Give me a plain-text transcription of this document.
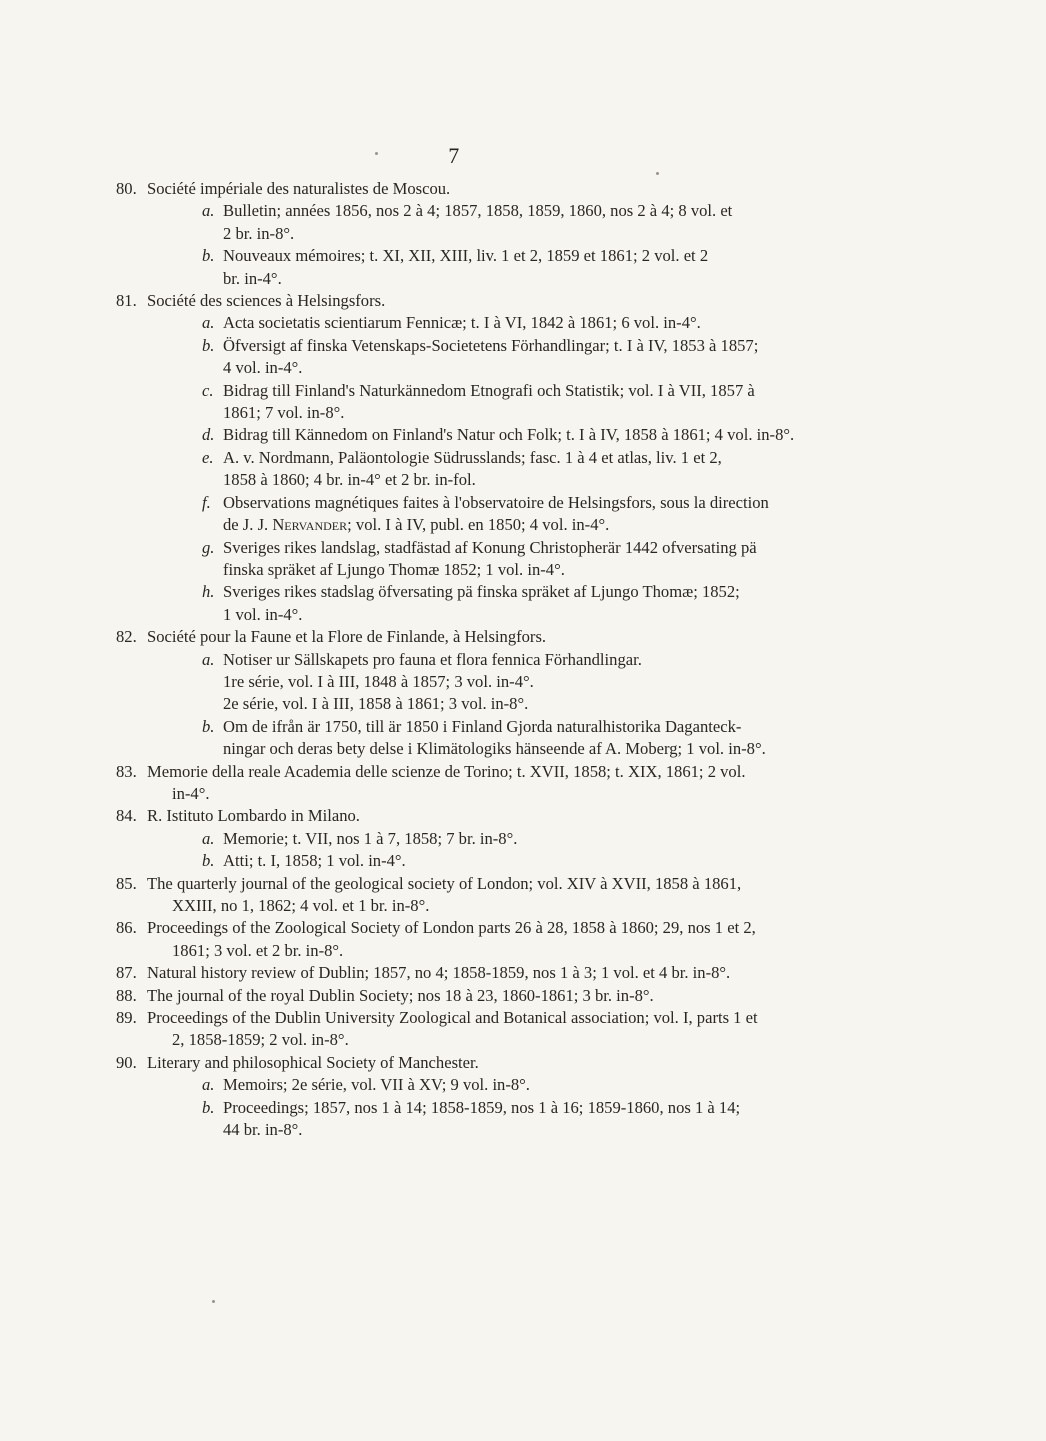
7
80. Société impériale des naturalistes de Moscou.
a. Bulletin; années 1856, nos 2 à 4; 1857, 1858, 1859, 1860, nos 2 à 4; 8 vol. et
2 br. in-8°.
b. Nouveaux mémoires; t. XI, XII, XIII, liv. 1 et 2, 1859 et 1861; 2 vol. et 2
br. in-4°.
81. Société des sciences à Helsingsfors.
a. Acta societatis scientiarum Fennicæ; t. I à VI, 1842 à 1861; 6 vol. in-4°.
b. Öfversigt af finska Vetenskaps-Societetens Förhandlingar; t. I à IV, 1853 à 1857;
4 vol. in-4°.
c. Bidrag till Finland's Naturkännedom Etnografi och Statistik; vol. I à VII, 1857 à
1861; 7 vol. in-8°.
d. Bidrag till Kännedom on Finland's Natur och Folk; t. I à IV, 1858 à 1861; 4 vol. in-8°.
e. A. v. Nordmann, Paläontologie Südrusslands; fasc. 1 à 4 et atlas, liv. 1 et 2,
1858 à 1860; 4 br. in-4° et 2 br. in-fol.
f. Observations magnétiques faites à l'observatoire de Helsingsfors, sous la direction
de J. J. Nervander; vol. I à IV, publ. en 1850; 4 vol. in-4°.
g. Sveriges rikes landslag, stadfästad af Konung Christopherär 1442 ofversating pä
finska spräket af Ljungo Thomæ 1852; 1 vol. in-4°.
h. Sveriges rikes stadslag öfversating pä finska spräket af Ljungo Thomæ; 1852;
1 vol. in-4°.
82. Société pour la Faune et la Flore de Finlande, à Helsingfors.
a. Notiser ur Sällskapets pro fauna et flora fennica Förhandlingar.
1re série, vol. I à III, 1848 à 1857; 3 vol. in-4°.
2e série, vol. I à III, 1858 à 1861; 3 vol. in-8°.
b. Om de ifrån är 1750, till är 1850 i Finland Gjorda naturalhistorika Daganteck-
ningar och deras bety delse i Klimätologiks hänseende af A. Moberg; 1 vol. in-8°.
83. Memorie della reale Academia delle scienze de Torino; t. XVII, 1858; t. XIX, 1861; 2 vol.
in-4°.
84. R. Istituto Lombardo in Milano.
a. Memorie; t. VII, nos 1 à 7, 1858; 7 br. in-8°.
b. Atti; t. I, 1858; 1 vol. in-4°.
85. The quarterly journal of the geological society of London; vol. XIV à XVII, 1858 à 1861,
XXIII, no 1, 1862; 4 vol. et 1 br. in-8°.
86. Proceedings of the Zoological Society of London parts 26 à 28, 1858 à 1860; 29, nos 1 et 2,
1861; 3 vol. et 2 br. in-8°.
87. Natural history review of Dublin; 1857, no 4; 1858-1859, nos 1 à 3; 1 vol. et 4 br. in-8°.
88. The journal of the royal Dublin Society; nos 18 à 23, 1860-1861; 3 br. in-8°.
89. Proceedings of the Dublin University Zoological and Botanical association; vol. I, parts 1 et
2, 1858-1859; 2 vol. in-8°.
90. Literary and philosophical Society of Manchester.
a. Memoirs; 2e série, vol. VII à XV; 9 vol. in-8°.
b. Proceedings; 1857, nos 1 à 14; 1858-1859, nos 1 à 16; 1859-1860, nos 1 à 14;
44 br. in-8°.
